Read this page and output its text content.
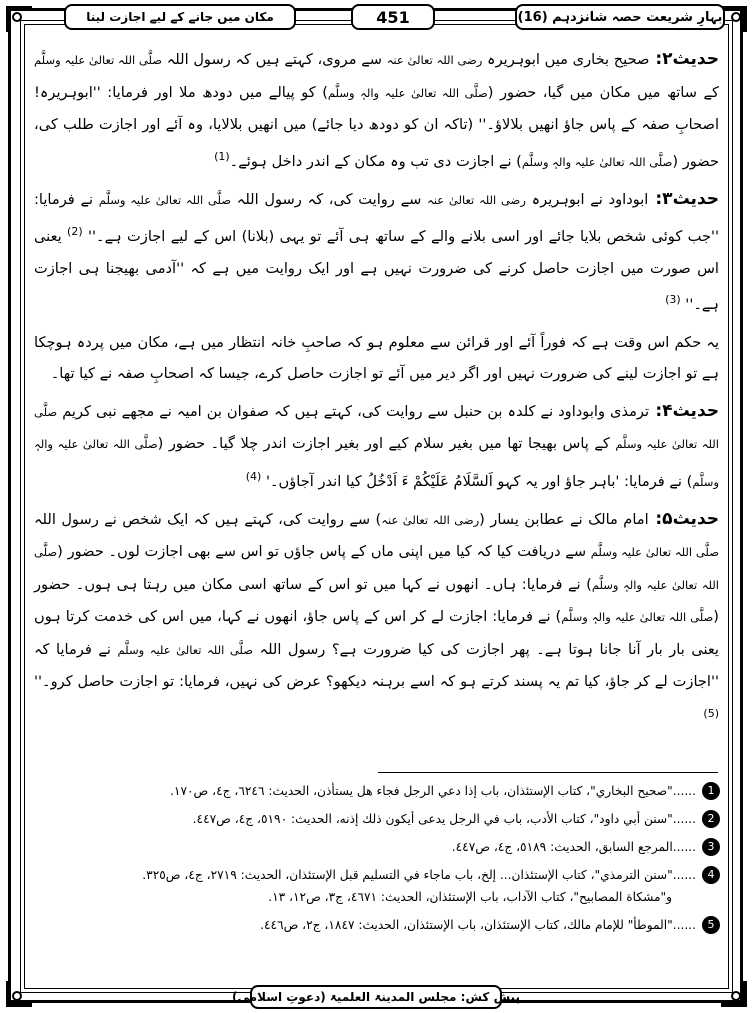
بہارِ شریعت حصہ شانزدہم (16)
451
مکان میں جانے کے لیے اجازت لینا

حدیث۲: صحیح بخاری میں ابوہریرہ رضی اللہ تعالیٰ عنہ سے مروی، کہتے ہیں کہ رسول اللہ صلَّی اللہ تعالیٰ علیہ وسلَّم کے ساتھ میں مکان میں گیا، حضور (صلَّی اللہ تعالیٰ علیہ والہٖ وسلَّم) کو پیالے میں دودھ ملا اور فرمایا: ''ابوہریرہ! اصحابِ صفہ کے پاس جاؤ انھیں بلالاؤ۔'' (تاکہ ان کو دودھ دیا جائے) میں انھیں بلالایا، وہ آئے اور اجازت طلب کی، حضور (صلَّی اللہ تعالیٰ علیہ والہٖ وسلَّم) نے اجازت دی تب وہ مکان کے اندر داخل ہوئے۔$^{(1)}$

حدیث۳: ابوداود نے ابوہریرہ رضی اللہ تعالیٰ عنہ سے روایت کی، کہ رسول اللہ صلَّی اللہ تعالیٰ علیہ وسلَّم نے فرمایا: ''جب کوئی شخص بلایا جائے اور اسی بلانے والے کے ساتھ ہی آئے تو یہی (بلانا) اس کے لیے اجازت ہے۔'' $^{(2)}$ یعنی اس صورت میں اجازت حاصل کرنے کی ضرورت نہیں ہے اور ایک روایت میں ہے کہ ''آدمی بھیجنا ہی اجازت ہے۔'' $^{(3)}$

یہ حکم اس وقت ہے کہ فوراً آئے اور قرائن سے معلوم ہو کہ صاحبِ خانہ انتظار میں ہے، مکان میں پردہ ہوچکا ہے تو اجازت لینے کی ضرورت نہیں اور اگر دیر میں آئے تو اجازت حاصل کرے، جیسا کہ اصحابِ صفہ نے کیا تھا۔

حدیث۴: ترمذی وابوداود نے کلدہ بن حنبل سے روایت کی، کہتے ہیں کہ صفوان بن امیہ نے مجھے نبی کریم صلَّی اللہ تعالیٰ علیہ وسلَّم کے پاس بھیجا تھا میں بغیر سلام کیے اور بغیر اجازت اندر چلا گیا۔ حضور (صلَّی اللہ تعالیٰ علیہ والہٖ وسلَّم) نے فرمایا: 'باہر جاؤ اور یہ کہو اَلسَّلَامُ عَلَیْکُمْ ءَ اَدْخُلُ کیا اندر آجاؤں۔' $^{(4)}$

حدیث۵: امام مالک نے عطابن یسار (رضی اللہ تعالیٰ عنہ) سے روایت کی، کہتے ہیں کہ ایک شخص نے رسول اللہ صلَّی اللہ تعالیٰ علیہ وسلَّم سے دریافت کیا کہ کیا میں اپنی ماں کے پاس جاؤں تو اس سے بھی اجازت لوں۔ حضور (صلَّی اللہ تعالیٰ علیہ والہٖ وسلَّم) نے فرمایا: ہاں۔ انھوں نے کہا میں تو اس کے ساتھ اسی مکان میں رہتا ہی ہوں۔ حضور (صلَّی اللہ تعالیٰ علیہ والہٖ وسلَّم) نے فرمایا: اجازت لے کر اس کے پاس جاؤ، انھوں نے کہا، میں اس کی خدمت کرتا ہوں یعنی بار بار آنا جانا ہوتا ہے۔ پھر اجازت کی کیا ضرورت ہے؟ رسول اللہ صلَّی اللہ تعالیٰ علیہ وسلَّم نے فرمایا کہ ''اجازت لے کر جاؤ، کیا تم یہ پسند کرتے ہو کہ اسے برہنہ دیکھو؟ عرض کی نہیں، فرمایا: تو اجازت حاصل کرو۔'' $^{(5)}$

1
......"صحيح البخاري"، كتاب الإستئذان، باب إذا دعي الرجل فجاء هل يستأذن، الحديث: ٦٢٤٦، ج٤، ص١٧٠.
2
......"سنن أبي داود"، كتاب الأدب، باب في الرجل يدعى أيكون ذلك إذنه، الحديث: ٥١٩٠، ج٤، ص٤٤٧.
3
......المرجع السابق، الحديث: ٥١٨٩، ج٤، ص٤٤٧.
4
......"سنن الترمذي"، كتاب الإستئذان... إلخ، باب ماجاء في التسليم قبل الإستئذان، الحديث: ٢٧١٩، ج٤، ص٣٢٥.
و"مشكاة المصابيح"، كتاب الآداب، باب الإستئذان، الحديث: ٤٦٧١، ج٣، ص١٢، ١٣.
5
......"الموطأ" للإمام مالك، كتاب الإستئذان، باب الإستئذان، الحديث: ١٨٤٧، ج٢، ص٤٤٦.
پیش کش: مجلس المدینۃ العلمیۃ (دعوتِ اسلامی)
